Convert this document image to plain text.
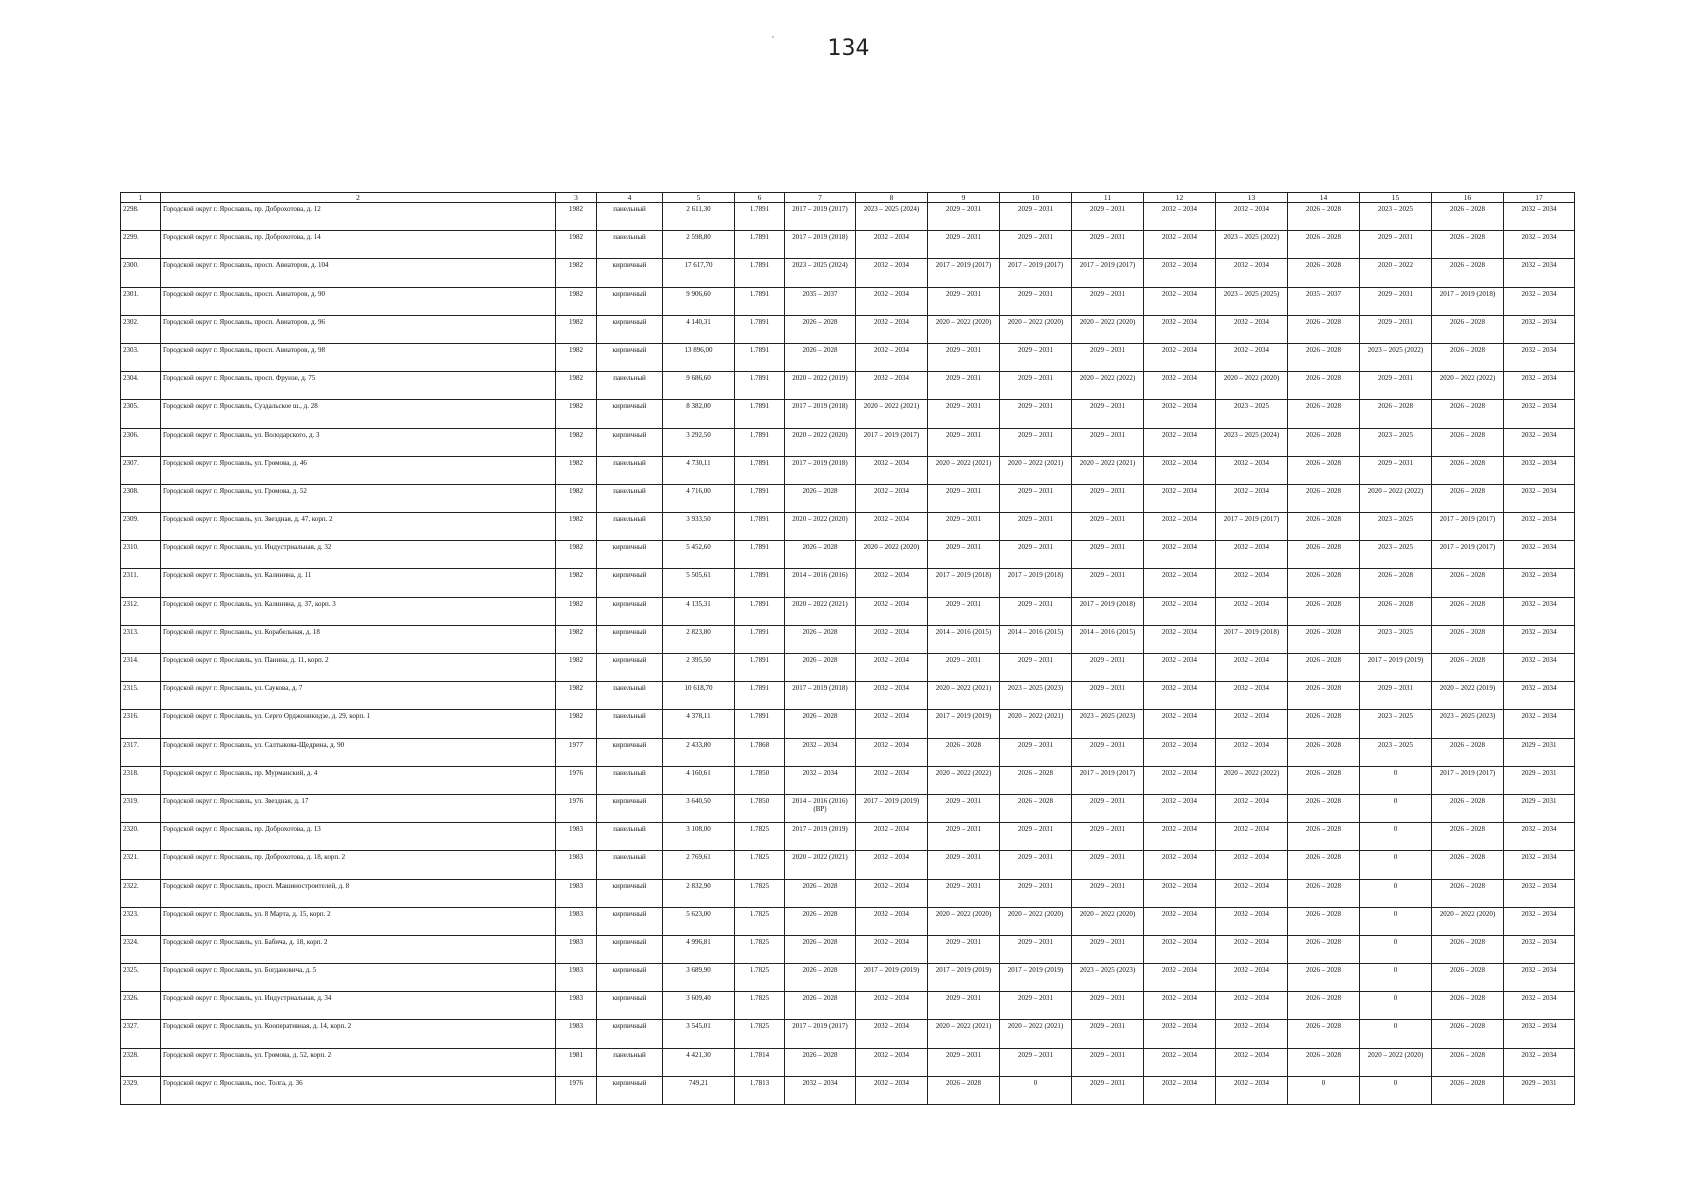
,
134
1	2	3	4	5	6	7	8	9	10	11	12	13	14	15	16	17
2298.	Городской округ г. Ярославль, пр. Доброхотова, д. 12	1982	панельный	2 611,30	1.7891	2017 – 2019 (2017)	2023 – 2025 (2024)	2029 – 2031	2029 – 2031	2029 – 2031	2032 – 2034	2032 – 2034	2026 – 2028	2023 – 2025	2026 – 2028	2032 – 2034
2299.	Городской округ г. Ярославль, пр. Доброхотова, д. 14	1982	панельный	2 598,80	1.7891	2017 – 2019 (2018)	2032 – 2034	2029 – 2031	2029 – 2031	2029 – 2031	2032 – 2034	2023 – 2025 (2022)	2026 – 2028	2029 – 2031	2026 – 2028	2032 – 2034
2300.	Городской округ г. Ярославль, просп. Авиаторов, д. 104	1982	кирпичный	17 617,70	1.7891	2023 – 2025 (2024)	2032 – 2034	2017 – 2019 (2017)	2017 – 2019 (2017)	2017 – 2019 (2017)	2032 – 2034	2032 – 2034	2026 – 2028	2020 – 2022	2026 – 2028	2032 – 2034
2301.	Городской округ г. Ярославль, просп. Авиаторов, д. 90	1982	кирпичный	9 906,60	1.7891	2035 – 2037	2032 – 2034	2029 – 2031	2029 – 2031	2029 – 2031	2032 – 2034	2023 – 2025 (2025)	2035 – 2037	2029 – 2031	2017 – 2019 (2018)	2032 – 2034
2302.	Городской округ г. Ярославль, просп. Авиаторов, д. 96	1982	кирпичный	4 140,31	1.7891	2026 – 2028	2032 – 2034	2020 – 2022 (2020)	2020 – 2022 (2020)	2020 – 2022 (2020)	2032 – 2034	2032 – 2034	2026 – 2028	2029 – 2031	2026 – 2028	2032 – 2034
2303.	Городской округ г. Ярославль, просп. Авиаторов, д. 98	1982	кирпичный	13 896,00	1.7891	2026 – 2028	2032 – 2034	2029 – 2031	2029 – 2031	2029 – 2031	2032 – 2034	2032 – 2034	2026 – 2028	2023 – 2025 (2022)	2026 – 2028	2032 – 2034
2304.	Городской округ г. Ярославль, просп. Фрунзе, д. 75	1982	панельный	9 686,60	1.7891	2020 – 2022 (2019)	2032 – 2034	2029 – 2031	2029 – 2031	2020 – 2022 (2022)	2032 – 2034	2020 – 2022 (2020)	2026 – 2028	2029 – 2031	2020 – 2022 (2022)	2032 – 2034
2305.	Городской округ г. Ярославль, Суздальское ш., д. 28	1982	кирпичный	8 382,00	1.7891	2017 – 2019 (2018)	2020 – 2022 (2021)	2029 – 2031	2029 – 2031	2029 – 2031	2032 – 2034	2023 – 2025	2026 – 2028	2026 – 2028	2026 – 2028	2032 – 2034
2306.	Городской округ г. Ярославль, ул. Володарского, д. 3	1982	кирпичный	3 292,50	1.7891	2020 – 2022 (2020)	2017 – 2019 (2017)	2029 – 2031	2029 – 2031	2029 – 2031	2032 – 2034	2023 – 2025 (2024)	2026 – 2028	2023 – 2025	2026 – 2028	2032 – 2034
2307.	Городской округ г. Ярославль, ул. Громова, д. 46	1982	панельный	4 730,11	1.7891	2017 – 2019 (2018)	2032 – 2034	2020 – 2022 (2021)	2020 – 2022 (2021)	2020 – 2022 (2021)	2032 – 2034	2032 – 2034	2026 – 2028	2029 – 2031	2026 – 2028	2032 – 2034
2308.	Городской округ г. Ярославль, ул. Громова, д. 52	1982	панельный	4 716,00	1.7891	2026 – 2028	2032 – 2034	2029 – 2031	2029 – 2031	2029 – 2031	2032 – 2034	2032 – 2034	2026 – 2028	2020 – 2022 (2022)	2026 – 2028	2032 – 2034
2309.	Городской округ г. Ярославль, ул. Звездная, д. 47, корп. 2	1982	панельный	3 933,50	1.7891	2020 – 2022 (2020)	2032 – 2034	2029 – 2031	2029 – 2031	2029 – 2031	2032 – 2034	2017 – 2019 (2017)	2026 – 2028	2023 – 2025	2017 – 2019 (2017)	2032 – 2034
2310.	Городской округ г. Ярославль, ул. Индустриальная, д. 32	1982	кирпичный	5 452,60	1.7891	2026 – 2028	2020 – 2022 (2020)	2029 – 2031	2029 – 2031	2029 – 2031	2032 – 2034	2032 – 2034	2026 – 2028	2023 – 2025	2017 – 2019 (2017)	2032 – 2034
2311.	Городской округ г. Ярославль, ул. Калинина, д. 11	1982	кирпичный	5 505,61	1.7891	2014 – 2016 (2016)	2032 – 2034	2017 – 2019 (2018)	2017 – 2019 (2018)	2029 – 2031	2032 – 2034	2032 – 2034	2026 – 2028	2026 – 2028	2026 – 2028	2032 – 2034
2312.	Городской округ г. Ярославль, ул. Калинина, д. 37, корп. 3	1982	кирпичный	4 135,31	1.7891	2020 – 2022 (2021)	2032 – 2034	2029 – 2031	2029 – 2031	2017 – 2019 (2018)	2032 – 2034	2032 – 2034	2026 – 2028	2026 – 2028	2026 – 2028	2032 – 2034
2313.	Городской округ г. Ярославль, ул. Корабельная, д. 18	1982	кирпичный	2 823,80	1.7891	2026 – 2028	2032 – 2034	2014 – 2016 (2015)	2014 – 2016 (2015)	2014 – 2016 (2015)	2032 – 2034	2017 – 2019 (2018)	2026 – 2028	2023 – 2025	2026 – 2028	2032 – 2034
2314.	Городской округ г. Ярославль, ул. Панина, д. 11, корп. 2	1982	кирпичный	2 395,50	1.7891	2026 – 2028	2032 – 2034	2029 – 2031	2029 – 2031	2029 – 2031	2032 – 2034	2032 – 2034	2026 – 2028	2017 – 2019 (2019)	2026 – 2028	2032 – 2034
2315.	Городской округ г. Ярославль, ул. Саукова, д. 7	1982	панельный	10 618,70	1.7891	2017 – 2019 (2018)	2032 – 2034	2020 – 2022 (2021)	2023 – 2025 (2023)	2029 – 2031	2032 – 2034	2032 – 2034	2026 – 2028	2029 – 2031	2020 – 2022 (2019)	2032 – 2034
2316.	Городской округ г. Ярославль, ул. Серго Орджоникидзе, д. 29, корп. 1	1982	панельный	4 378,11	1.7891	2026 – 2028	2032 – 2034	2017 – 2019 (2019)	2020 – 2022 (2021)	2023 – 2025 (2023)	2032 – 2034	2032 – 2034	2026 – 2028	2023 – 2025	2023 – 2025 (2023)	2032 – 2034
2317.	Городской округ г. Ярославль, ул. Салтыкова-Щедрина, д. 90	1977	кирпичный	2 433,80	1.7868	2032 – 2034	2032 – 2034	2026 – 2028	2029 – 2031	2029 – 2031	2032 – 2034	2032 – 2034	2026 – 2028	2023 – 2025	2026 – 2028	2029 – 2031
2318.	Городской округ г. Ярославль, пр. Мурманский, д. 4	1976	панельный	4 160,61	1.7850	2032 – 2034	2032 – 2034	2020 – 2022 (2022)	2026 – 2028	2017 – 2019 (2017)	2032 – 2034	2020 – 2022 (2022)	2026 – 2028	0	2017 – 2019 (2017)	2029 – 2031
2319.	Городской округ г. Ярославль, ул. Звездная, д. 17	1976	кирпичный	3 640,50	1.7850	2014 – 2016 (2016) (ВР)	2017 – 2019 (2019)	2029 – 2031	2026 – 2028	2029 – 2031	2032 – 2034	2032 – 2034	2026 – 2028	0	2026 – 2028	2029 – 2031
2320.	Городской округ г. Ярославль, пр. Доброхотова, д. 13	1983	панельный	3 108,00	1.7825	2017 – 2019 (2019)	2032 – 2034	2029 – 2031	2029 – 2031	2029 – 2031	2032 – 2034	2032 – 2034	2026 – 2028	0	2026 – 2028	2032 – 2034
2321.	Городской округ г. Ярославль, пр. Доброхотова, д. 18, корп. 2	1983	панельный	2 769,61	1.7825	2020 – 2022 (2021)	2032 – 2034	2029 – 2031	2029 – 2031	2029 – 2031	2032 – 2034	2032 – 2034	2026 – 2028	0	2026 – 2028	2032 – 2034
2322.	Городской округ г. Ярославль, просп. Машиностроителей, д. 8	1983	кирпичный	2 832,90	1.7825	2026 – 2028	2032 – 2034	2029 – 2031	2029 – 2031	2029 – 2031	2032 – 2034	2032 – 2034	2026 – 2028	0	2026 – 2028	2032 – 2034
2323.	Городской округ г. Ярославль, ул. 8 Марта, д. 15, корп. 2	1983	кирпичный	5 623,00	1.7825	2026 – 2028	2032 – 2034	2020 – 2022 (2020)	2020 – 2022 (2020)	2020 – 2022 (2020)	2032 – 2034	2032 – 2034	2026 – 2028	0	2020 – 2022 (2020)	2032 – 2034
2324.	Городской округ г. Ярославль, ул. Бабича, д. 18, корп. 2	1983	кирпичный	4 996,81	1.7825	2026 – 2028	2032 – 2034	2029 – 2031	2029 – 2031	2029 – 2031	2032 – 2034	2032 – 2034	2026 – 2028	0	2026 – 2028	2032 – 2034
2325.	Городской округ г. Ярославль, ул. Богдановича, д. 5	1983	кирпичный	3 689,90	1.7825	2026 – 2028	2017 – 2019 (2019)	2017 – 2019 (2019)	2017 – 2019 (2019)	2023 – 2025 (2023)	2032 – 2034	2032 – 2034	2026 – 2028	0	2026 – 2028	2032 – 2034
2326.	Городской округ г. Ярославль, ул. Индустриальная, д. 34	1983	кирпичный	3 609,40	1.7825	2026 – 2028	2032 – 2034	2029 – 2031	2029 – 2031	2029 – 2031	2032 – 2034	2032 – 2034	2026 – 2028	0	2026 – 2028	2032 – 2034
2327.	Городской округ г. Ярославль, ул. Кооперативная, д. 14, корп. 2	1983	кирпичный	3 545,01	1.7825	2017 – 2019 (2017)	2032 – 2034	2020 – 2022 (2021)	2020 – 2022 (2021)	2029 – 2031	2032 – 2034	2032 – 2034	2026 – 2028	0	2026 – 2028	2032 – 2034
2328.	Городской округ г. Ярославль, ул. Громова, д. 52, корп. 2	1981	панельный	4 421,30	1.7814	2026 – 2028	2032 – 2034	2029 – 2031	2029 – 2031	2029 – 2031	2032 – 2034	2032 – 2034	2026 – 2028	2020 – 2022 (2020)	2026 – 2028	2032 – 2034
2329.	Городской округ г. Ярославль, пос. Толга, д. 36	1976	кирпичный	749,21	1.7813	2032 – 2034	2032 – 2034	2026 – 2028	0	2029 – 2031	2032 – 2034	2032 – 2034	0	0	2026 – 2028	2029 – 2031
